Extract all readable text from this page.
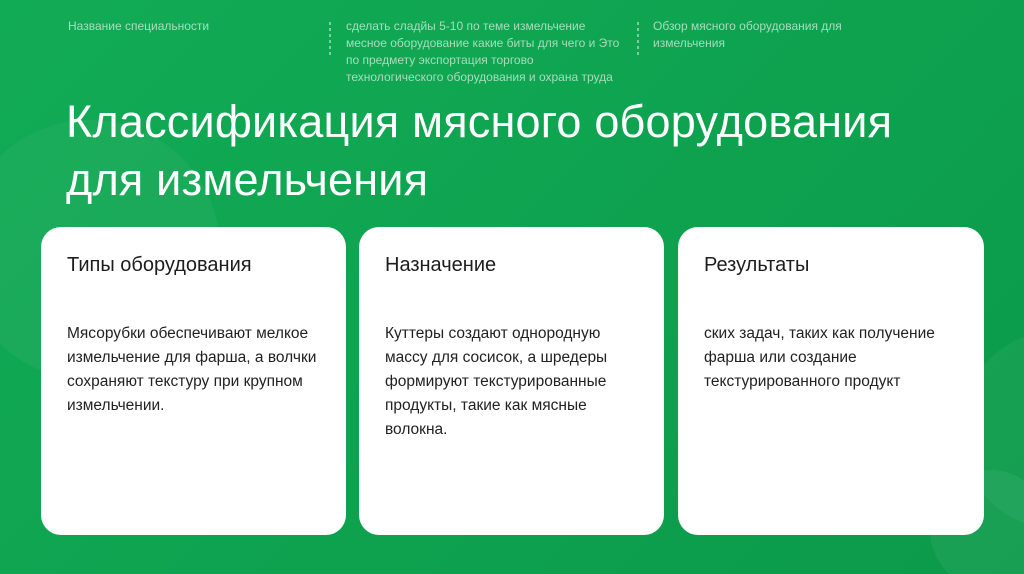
Название специальности	сделать сладйы 5-10 по теме измельчение месное оборудование какие биты для чего и Это по предмету экспортация торгово технологического оборудования и охрана труда
Обзор мясного оборудования для измельчения
Классификация мясного оборудования для измельчения
Типы оборудования

Мясорубки обеспечивают мелкое измельчение для фарша, а волчки сохраняют текстуру при крупном измельчении.

Назначение

Куттеры создают однородную массу для сосисок, а шредеры формируют текстурированные продукты, такие как мясные волокна.

Результаты

ских задач, таких как получение фарша или создание текстурированного продукт
